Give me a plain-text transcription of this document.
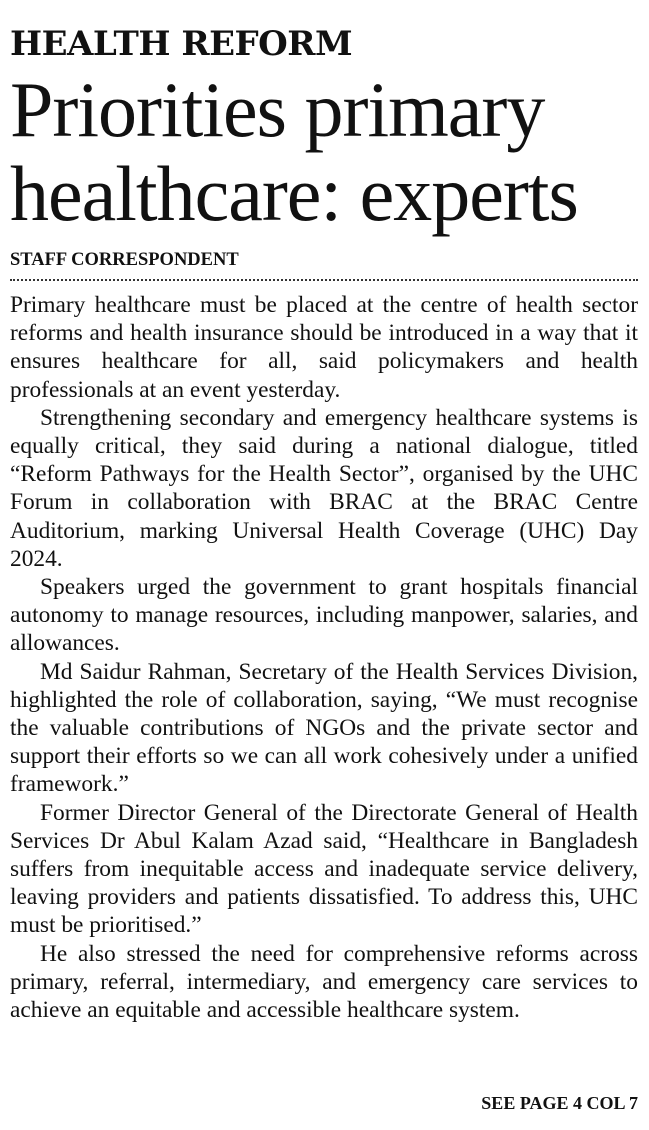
HEALTH REFORM
Priorities primary
healthcare: experts
STAFF CORRESPONDENT

Primary healthcare must be placed at the centre of health sector reforms and health insurance should be introduced in a way that it ensures healthcare for all, said policymakers and health professionals at an event yesterday.

Strengthening secondary and emergency healthcare systems is equally critical, they said during a national dialogue, titled “Reform Pathways for the Health Sector”, organised by the UHC Forum in collaboration with BRAC at the BRAC Centre Auditorium, marking Universal Health Coverage (UHC) Day 2024.

Speakers urged the government to grant hospitals financial autonomy to manage resources, including manpower, salaries, and allowances.

Md Saidur Rahman, Secretary of the Health Services Division, highlighted the role of collaboration, saying, “We must recognise the valuable contributions of NGOs and the private sector and support their efforts so we can all work cohesively under a unified framework.”

Former Director General of the Directorate General of Health Services Dr Abul Kalam Azad said, “Healthcare in Bangladesh suffers from inequitable access and inadequate service delivery, leaving providers and patients dissatisfied. To address this, UHC must be prioritised.”

He also stressed the need for comprehensive reforms across primary, referral, intermediary, and emergency care services to achieve an equitable and accessible healthcare system.

SEE PAGE 4 COL 7
